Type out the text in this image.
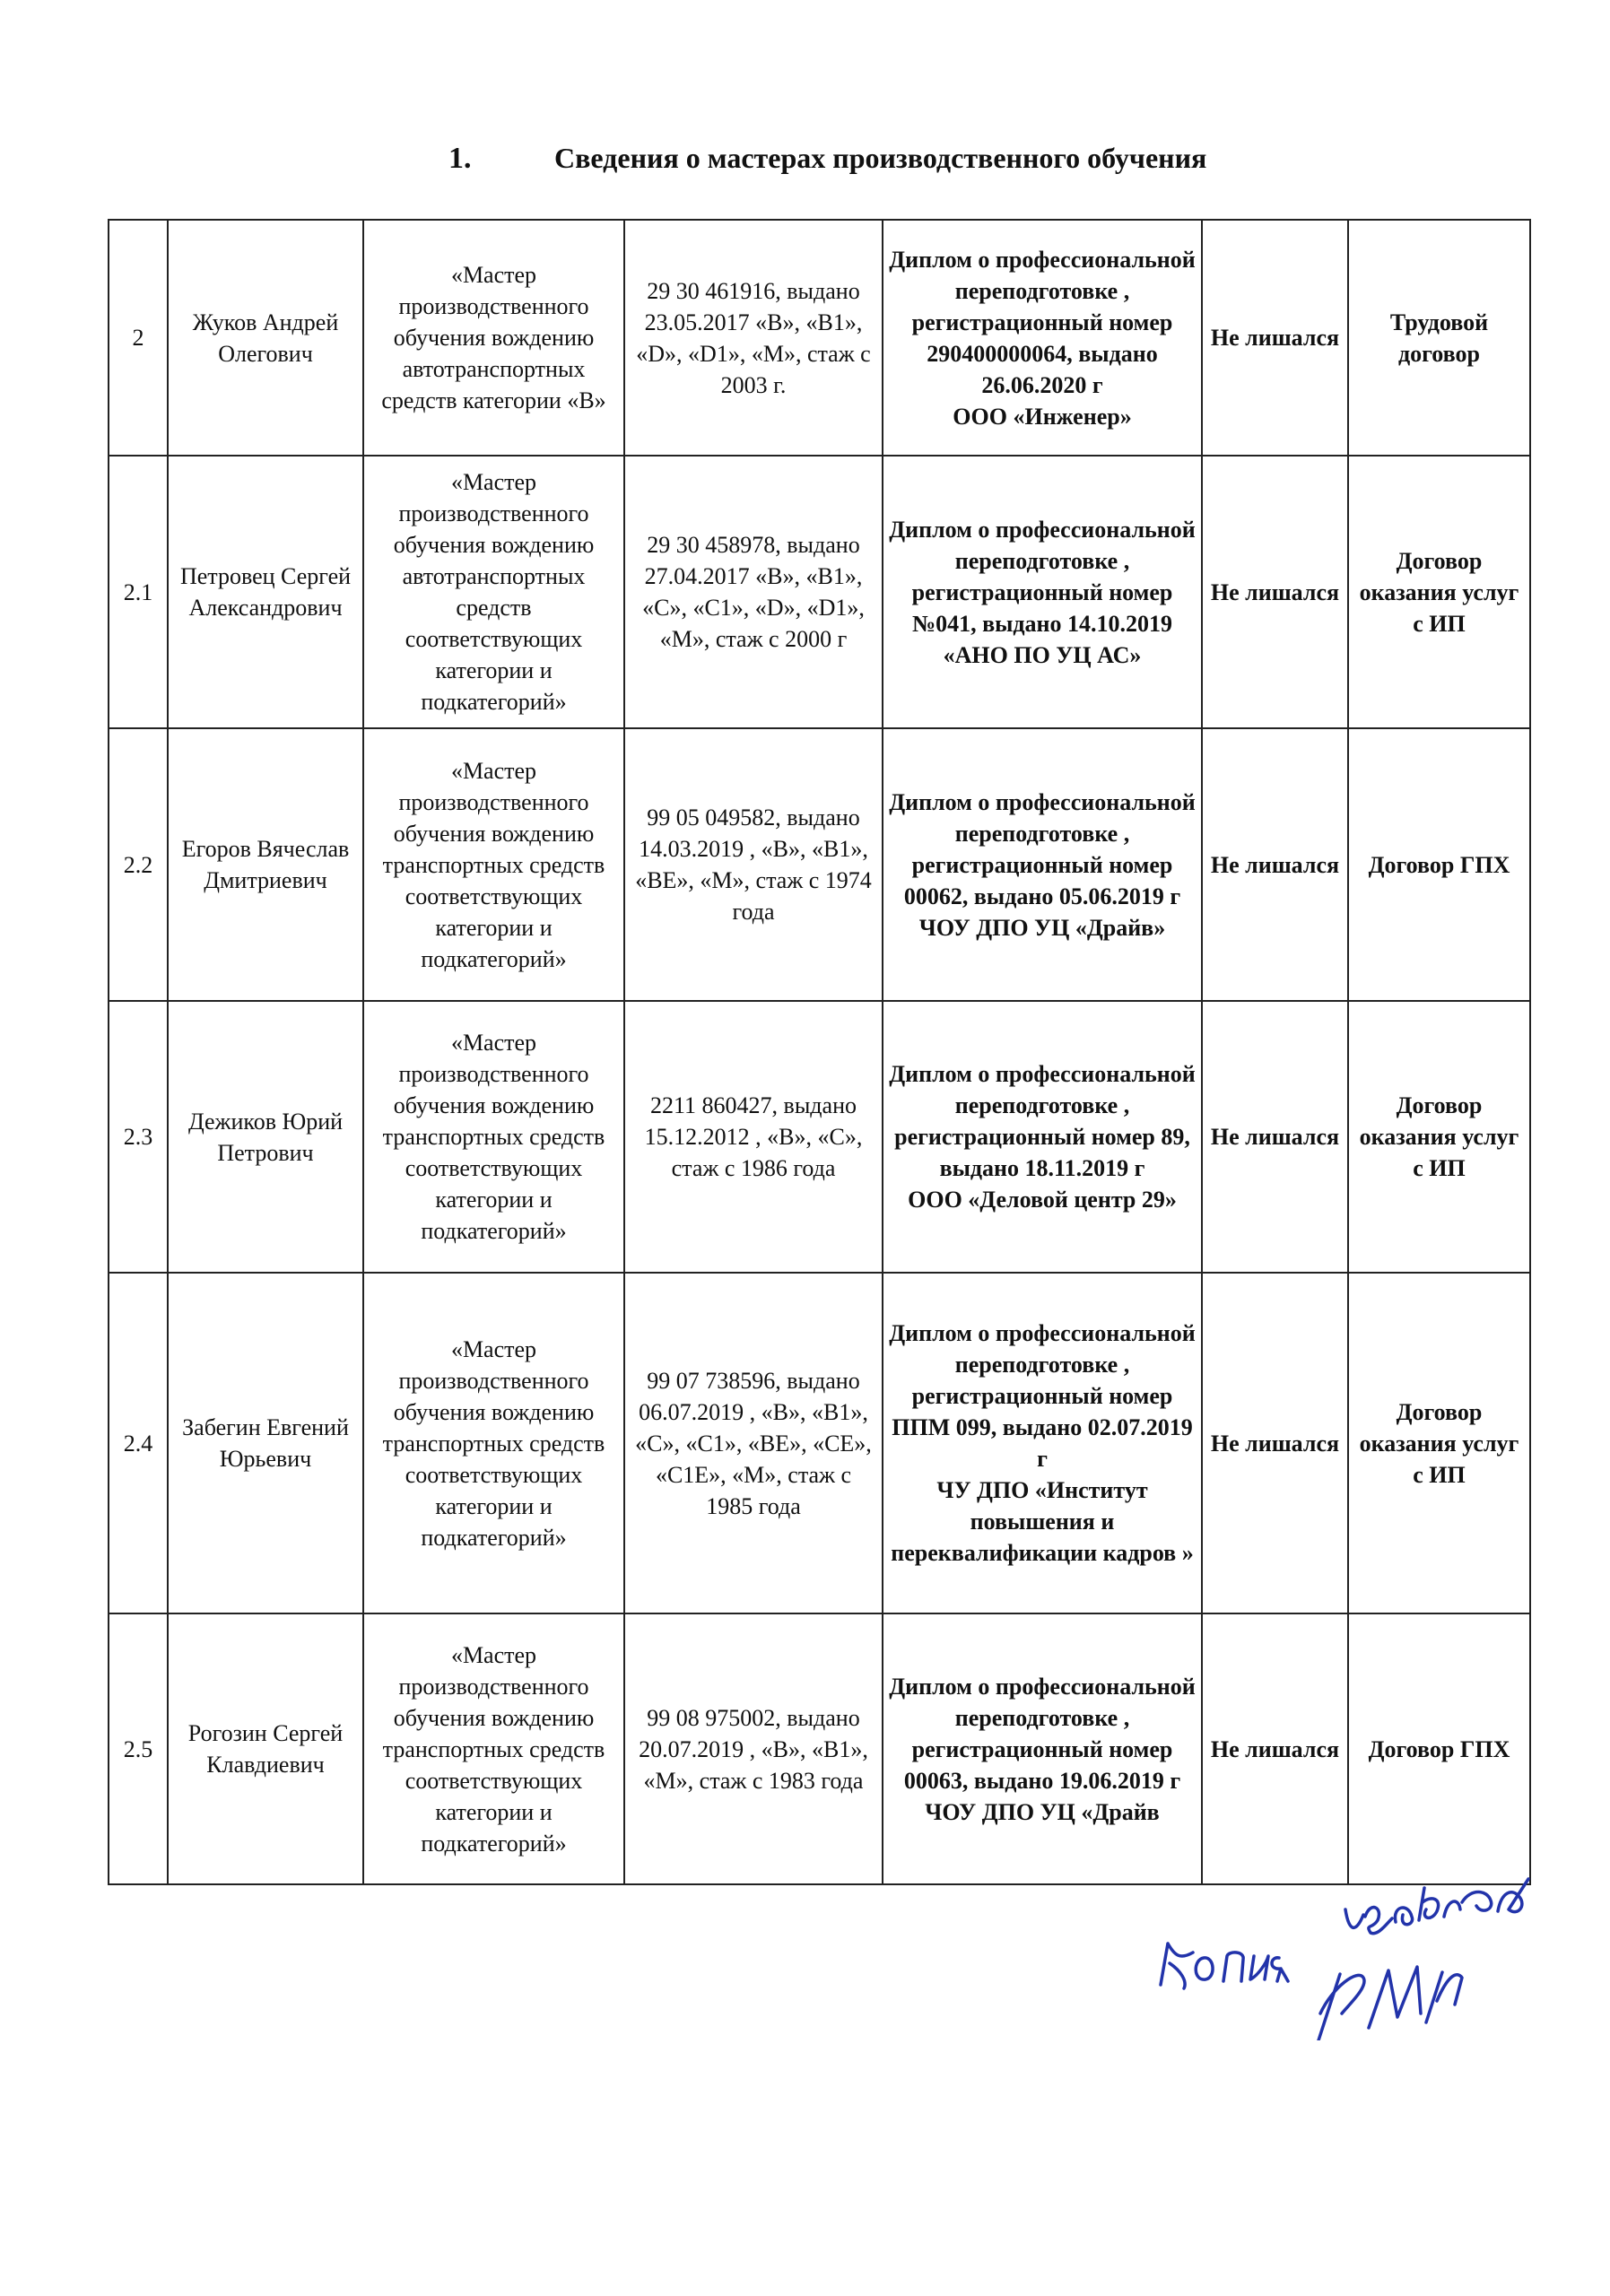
1.	Сведения о мастерах производственного обучения
2	Жуков Андрей Олегович	«Мастер производственного обучения вождению автотранспортных средств категории «В»	29 30 461916, выдано 23.05.2017 «В», «В1», «D», «D1», «М», стаж с 2003 г.	Диплом о профессиональной переподготовке ,
регистрационный номер 290400000064, выдано 26.06.2020 г
ООО «Инженер»	Не лишался	Трудовой договор
2.1	Петровец Сергей Александрович	«Мастер производственного обучения вождению автотранспортных средств соответствующих категории и подкатегорий»	29 30 458978, выдано 27.04.2017 «В», «В1», «С», «С1», «D», «D1», «М», стаж с 2000 г	Диплом о профессиональной переподготовке ,
регистрационный номер №041, выдано 14.10.2019 «АНО ПО УЦ АС»	Не лишался	Договор оказания услуг с ИП
2.2	Егоров Вячеслав Дмитриевич	«Мастер производственного обучения вождению транспортных средств соответствующих категории и подкатегорий»	99 05 049582, выдано 14.03.2019 , «В», «В1», «ВЕ», «М», стаж с 1974 года	Диплом о профессиональной переподготовке ,
регистрационный номер 00062, выдано 05.06.2019 г
ЧОУ ДПО УЦ «Драйв»	Не лишался	Договор ГПХ
2.3	Дежиков Юрий Петрович	«Мастер производственного обучения вождению транспортных средств соответствующих категории и подкатегорий»	2211 860427, выдано 15.12.2012 , «В», «С», стаж с 1986 года	Диплом о профессиональной переподготовке ,
регистрационный номер 89, выдано 18.11.2019 г
ООО «Деловой центр 29»	Не лишался	Договор оказания услуг с ИП
2.4	Забегин Евгений Юрьевич	«Мастер производственного обучения вождению транспортных средств соответствующих категории и подкатегорий»	99 07 738596, выдано 06.07.2019 , «В», «В1», «С», «С1», «ВЕ», «СЕ», «С1Е», «М», стаж с 1985 года	Диплом о профессиональной переподготовке ,
регистрационный номер ППМ 099, выдано 02.07.2019 г
ЧУ ДПО «Институт повышения и переквалификации кадров »	Не лишался	Договор оказания услуг с ИП
2.5	Рогозин Сергей Клавдиевич	«Мастер производственного обучения вождению транспортных средств соответствующих категории и подкатегорий»	99 08 975002, выдано 20.07.2019 , «В», «В1», «М», стаж с 1983 года	Диплом о профессиональной переподготовке ,
регистрационный номер 00063, выдано 19.06.2019 г
ЧОУ ДПО УЦ «Драйв	Не лишался	Договор ГПХ
